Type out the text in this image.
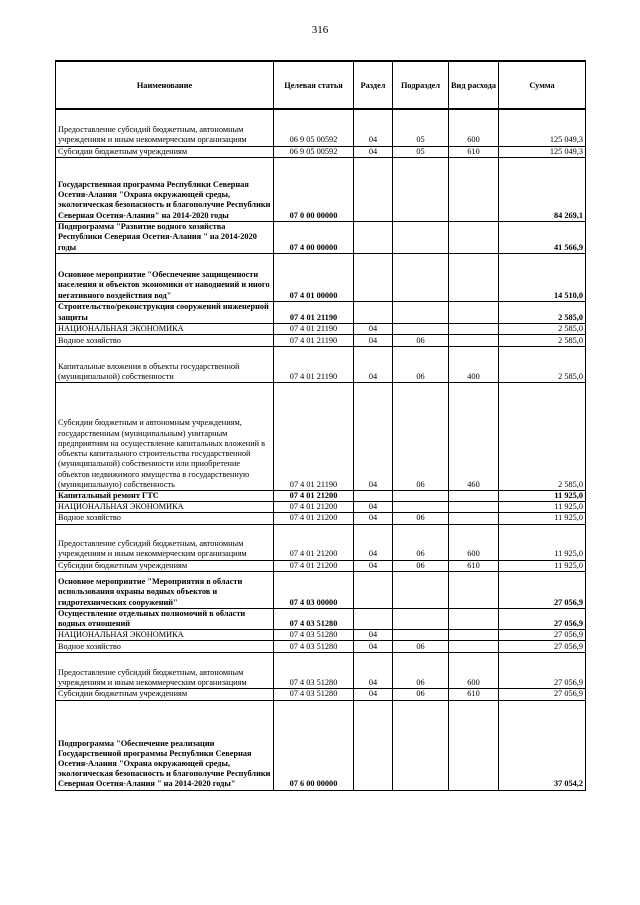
316
Наименование	Целевая статья	Раздел	Подраздел	Вид расхода	Сумма
Предоставление субсидий бюджетным, автономным учреждениям и иным некоммерческим организациям	06 9 05 00592	04	05	600	125 049,3
Субсидии бюджетным учреждениям	06 9 05 00592	04	05	610	125 049,3
Государственная программа Республики Северная Осетия-Алания "Охрана окружающей среды, экологическая безопасность и благополучие Республики Северная Осетия-Алания" на 2014-2020 годы	07 0 00 00000				84 269,1
Подпрограмма "Развитие водного хозяйства Республики Северная Осетия-Алания " на 2014-2020 годы	07 4 00 00000				41 566,9
Основное мероприятие "Обеспечение защищенности населения и объектов экономики от наводнений и иного негативного воздействия вод"	07 4 01 00000				14 510,0
Строительство/реконструкция сооружений инженерной защиты	07 4 01 21190				2 585,0
НАЦИОНАЛЬНАЯ ЭКОНОМИКА	07 4 01 21190	04			2 585,0
Водное хозяйство	07 4 01 21190	04	06		2 585,0
Капитальные вложения в объекты государственной (муниципальной) собственности	07 4 01 21190	04	06	400	2 585,0
Субсидии бюджетным и автономным учреждениям, государственным (муниципальным) унитарным предприятиям на осуществление капитальных вложений в объекты капитального строительства государственной (муниципальной) собственности или приобретение объектов недвижимого имущества в государственную (муниципальную) собственность	07 4 01 21190	04	06	460	2 585,0
Капитальный ремонт ГТС	07 4 01 21200				11 925,0
НАЦИОНАЛЬНАЯ ЭКОНОМИКА	07 4 01 21200	04			11 925,0
Водное хозяйство	07 4 01 21200	04	06		11 925,0
Предоставление субсидий бюджетным, автономным учреждениям и иным некоммерческим организациям	07 4 01 21200	04	06	600	11 925,0
Субсидии бюджетным учреждениям	07 4 01 21200	04	06	610	11 925,0
Основное мероприятие "Мероприятия в области использования охраны водных объектов и гидротехнических сооружений"	07 4 03 00000				27 056,9
Осуществление отдельных полномочий в области водных отношений	07 4 03 51280				27 056,9
НАЦИОНАЛЬНАЯ ЭКОНОМИКА	07 4 03 51280	04			27 056,9
Водное хозяйство	07 4 03 51280	04	06		27 056,9
Предоставление субсидий бюджетным, автономным учреждениям и иным некоммерческим организациям	07 4 03 51280	04	06	600	27 056,9
Субсидии бюджетным учреждениям	07 4 03 51280	04	06	610	27 056,9
Подпрограмма "Обеспечение реализации Государственной программы Республики Северная Осетия-Алания "Охрана окружающей среды, экологическая безопасность и благополучие Республики Северная Осетия-Алания " на 2014-2020 годы"	07 6 00 00000				37 054,2
